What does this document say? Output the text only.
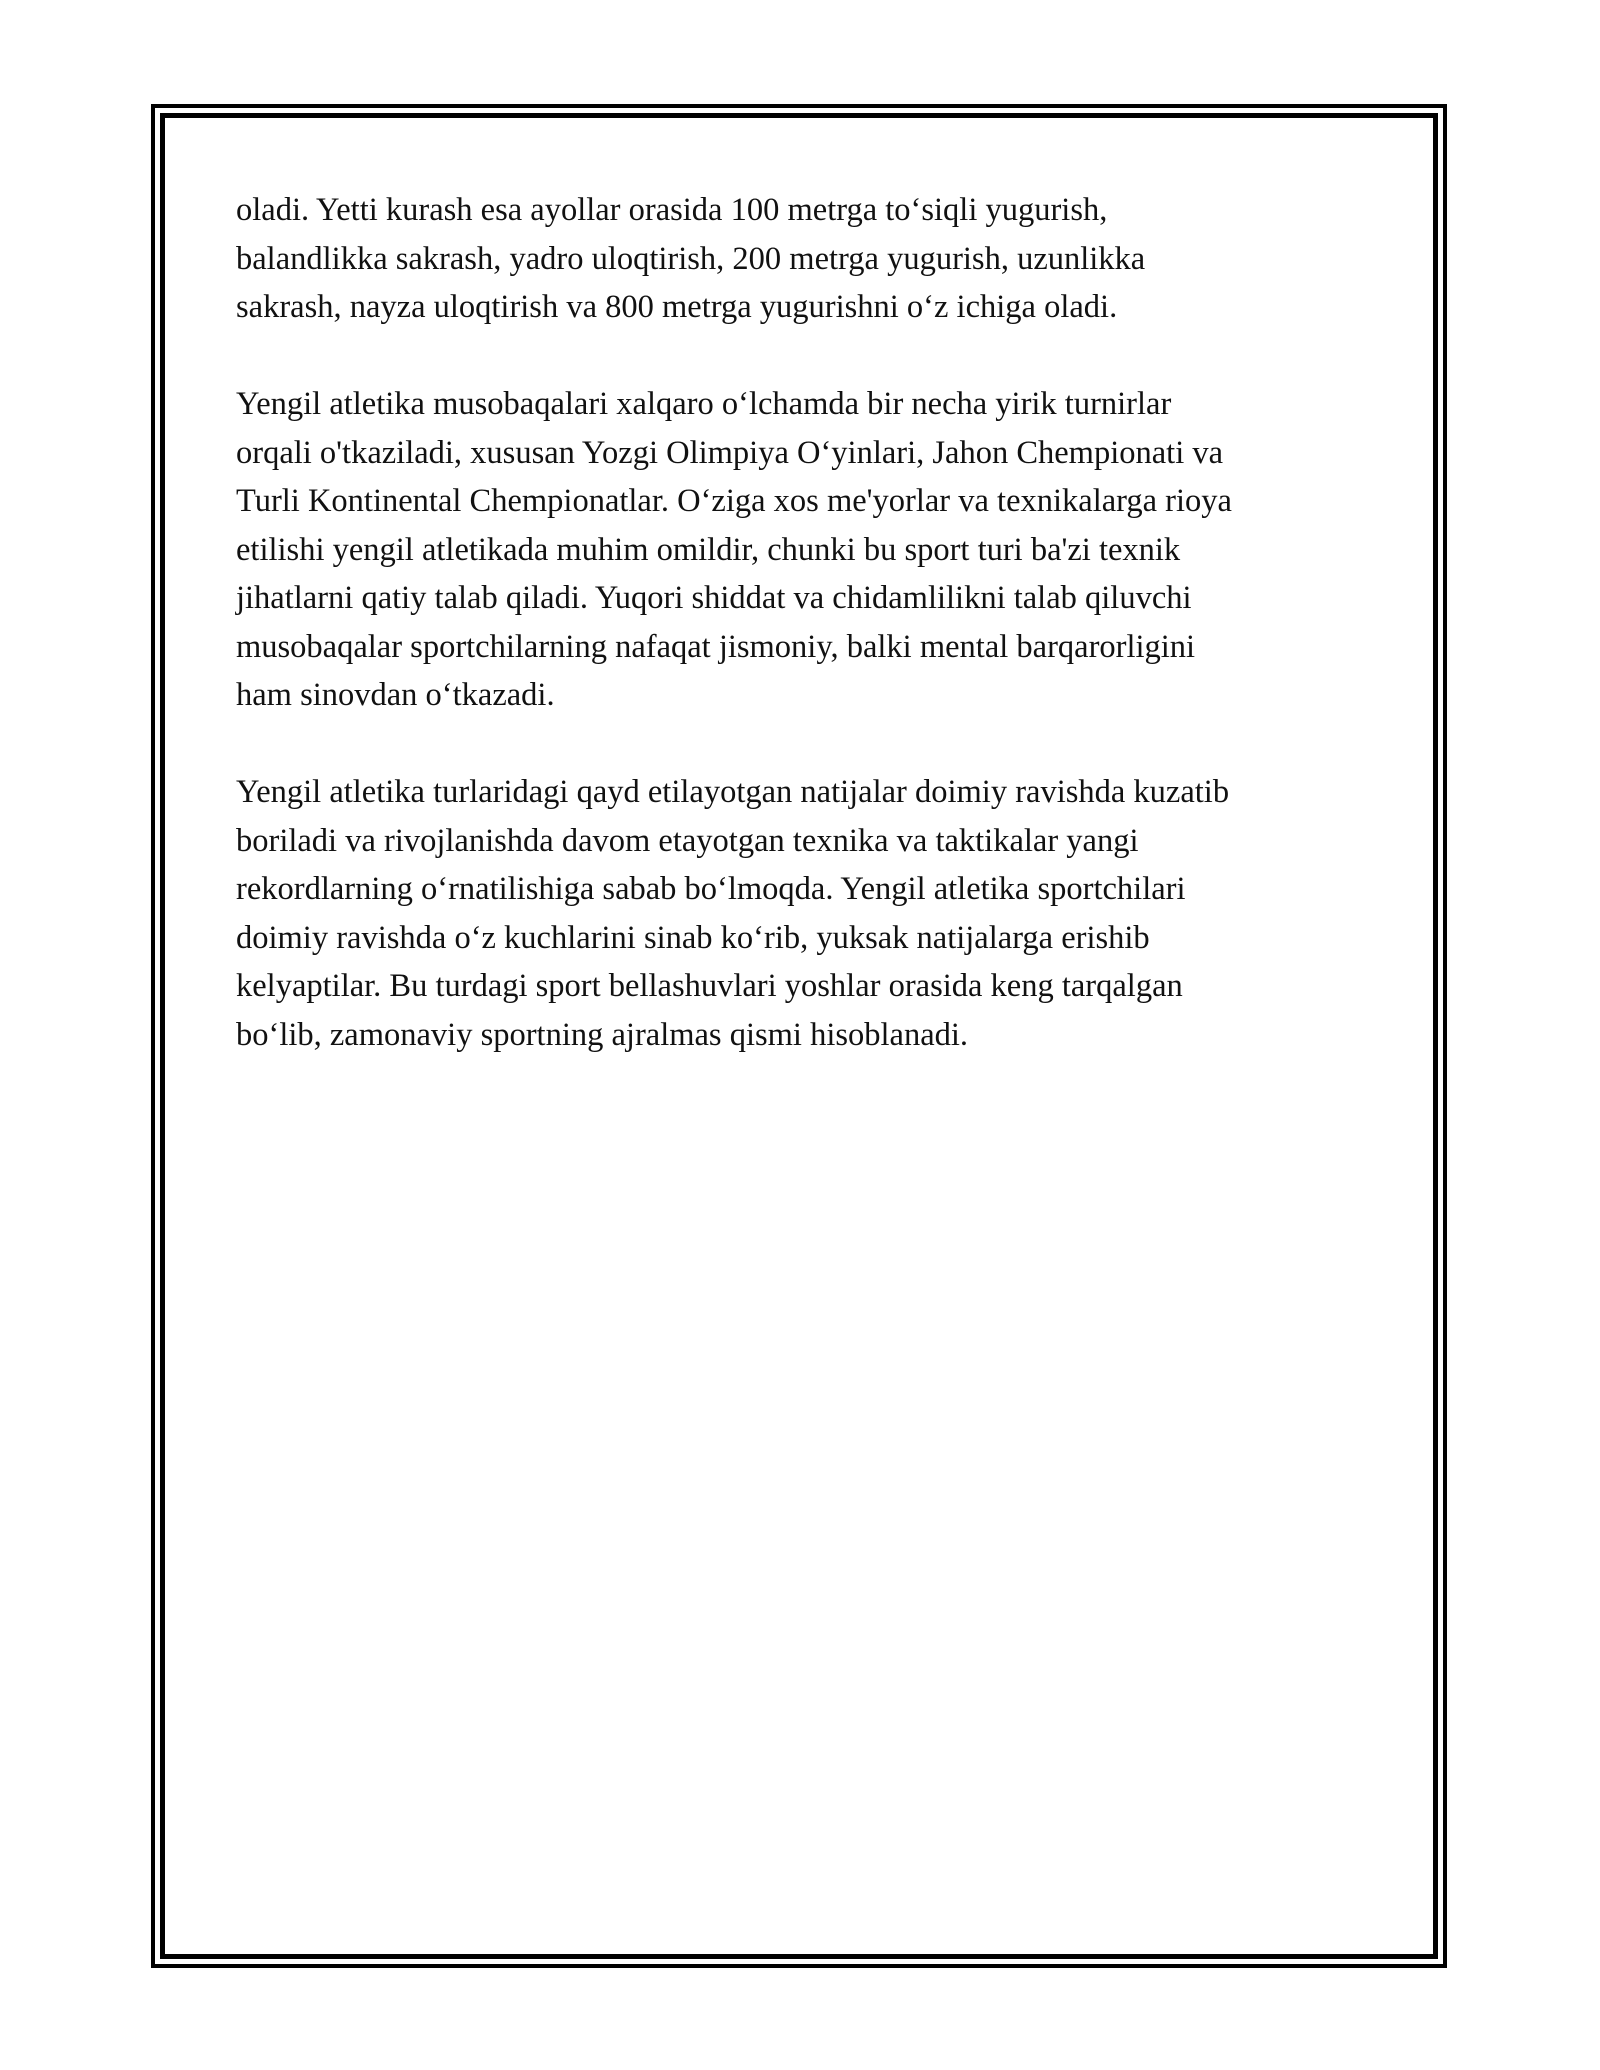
oladi. Yetti kurash esa ayollar orasida 100 metrga to‘siqli yugurish,
balandlikka sakrash, yadro uloqtirish, 200 metrga yugurish, uzunlikka
sakrash, nayza uloqtirish va 800 metrga yugurishni o‘z ichiga oladi.

Yengil atletika musobaqalari xalqaro o‘lchamda bir necha yirik turnirlar
orqali o'tkaziladi, xususan Yozgi Olimpiya O‘yinlari, Jahon Chempionati va
Turli Kontinental Chempionatlar. O‘ziga xos me'yorlar va texnikalarga rioya
etilishi yengil atletikada muhim omildir, chunki bu sport turi ba'zi texnik
jihatlarni qatiy talab qiladi. Yuqori shiddat va chidamlilikni talab qiluvchi
musobaqalar sportchilarning nafaqat jismoniy, balki mental barqarorligini
ham sinovdan o‘tkazadi.

Yengil atletika turlaridagi qayd etilayotgan natijalar doimiy ravishda kuzatib
boriladi va rivojlanishda davom etayotgan texnika va taktikalar yangi
rekordlarning o‘rnatilishiga sabab bo‘lmoqda. Yengil atletika sportchilari
doimiy ravishda o‘z kuchlarini sinab ko‘rib, yuksak natijalarga erishib
kelyaptilar. Bu turdagi sport bellashuvlari yoshlar orasida keng tarqalgan
bo‘lib, zamonaviy sportning ajralmas qismi hisoblanadi.
